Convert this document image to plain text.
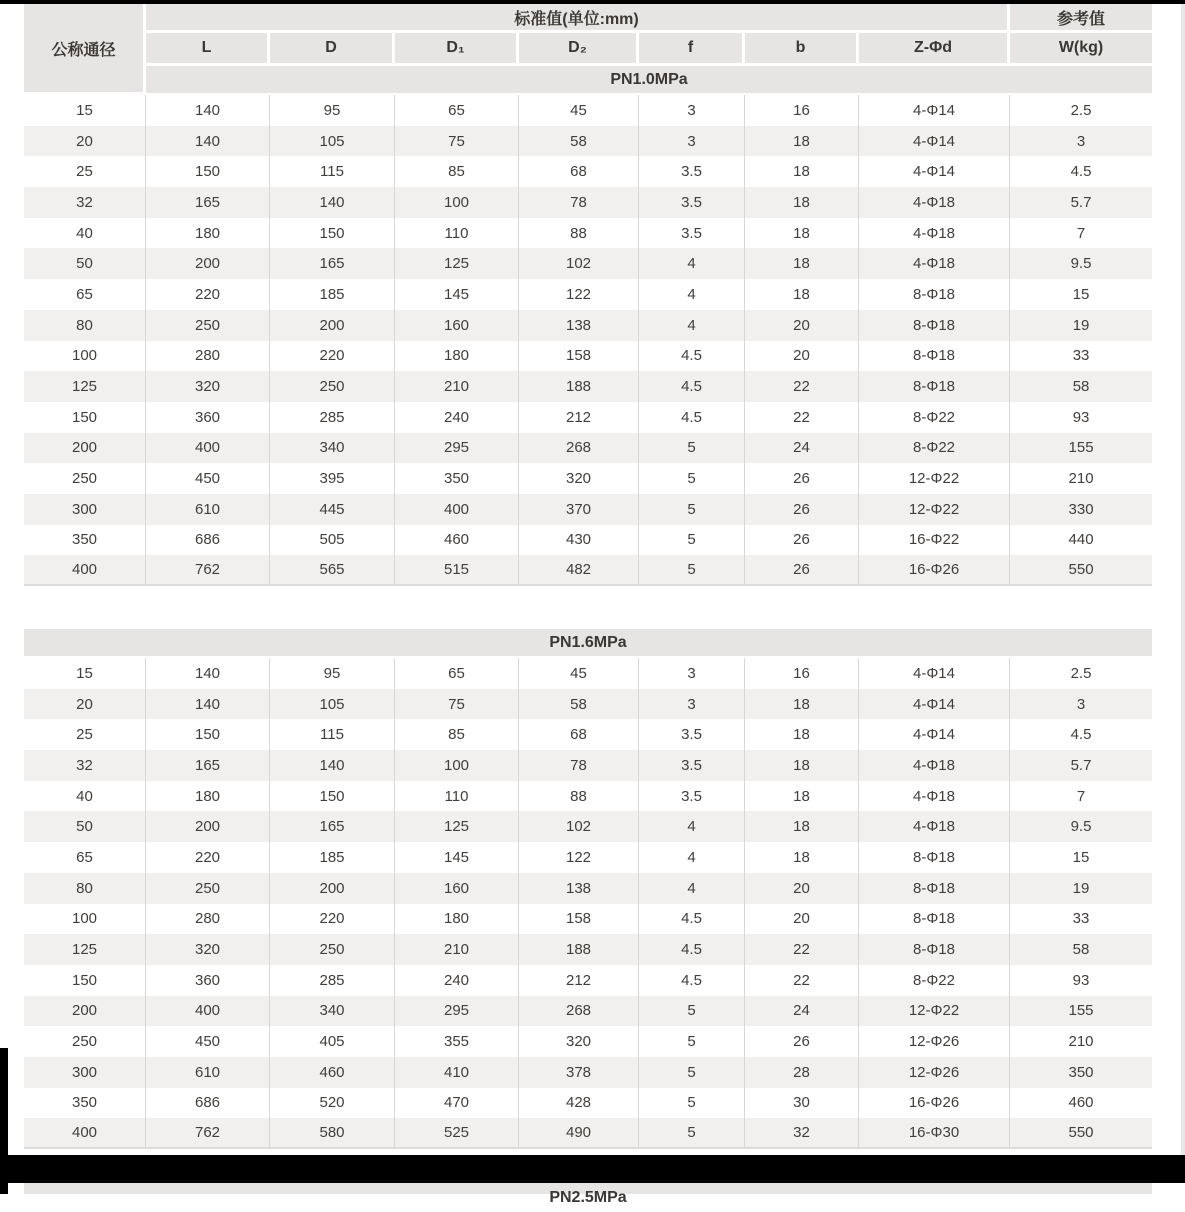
公称通径	标准值(单位:mm)							参考值
	L	D	D₁	D₂	f	b	Z-Φd	W(kg)
	PN1.0MPa							
15	140	95	65	45	3	16	4-Φ14	2.5
20	140	105	75	58	3	18	4-Φ14	3
25	150	115	85	68	3.5	18	4-Φ14	4.5
32	165	140	100	78	3.5	18	4-Φ18	5.7
40	180	150	110	88	3.5	18	4-Φ18	7
50	200	165	125	102	4	18	4-Φ18	9.5
65	220	185	145	122	4	18	8-Φ18	15
80	250	200	160	138	4	20	8-Φ18	19
100	280	220	180	158	4.5	20	8-Φ18	33
125	320	250	210	188	4.5	22	8-Φ18	58
150	360	285	240	212	4.5	22	8-Φ22	93
200	400	340	295	268	5	24	8-Φ22	155
250	450	395	350	320	5	26	12-Φ22	210
300	610	445	400	370	5	26	12-Φ22	330
350	686	505	460	430	5	26	16-Φ22	440
400	762	565	515	482	5	26	16-Φ26	550
PN1.6MPa								
15	140	95	65	45	3	16	4-Φ14	2.5
20	140	105	75	58	3	18	4-Φ14	3
25	150	115	85	68	3.5	18	4-Φ14	4.5
32	165	140	100	78	3.5	18	4-Φ18	5.7
40	180	150	110	88	3.5	18	4-Φ18	7
50	200	165	125	102	4	18	4-Φ18	9.5
65	220	185	145	122	4	18	8-Φ18	15
80	250	200	160	138	4	20	8-Φ18	19
100	280	220	180	158	4.5	20	8-Φ18	33
125	320	250	210	188	4.5	22	8-Φ18	58
150	360	285	240	212	4.5	22	8-Φ22	93
200	400	340	295	268	5	24	12-Φ22	155
250	450	405	355	320	5	26	12-Φ26	210
300	610	460	410	378	5	28	12-Φ26	350
350	686	520	470	428	5	30	16-Φ26	460
400	762	580	525	490	5	32	16-Φ30	550
PN2.5MPa
